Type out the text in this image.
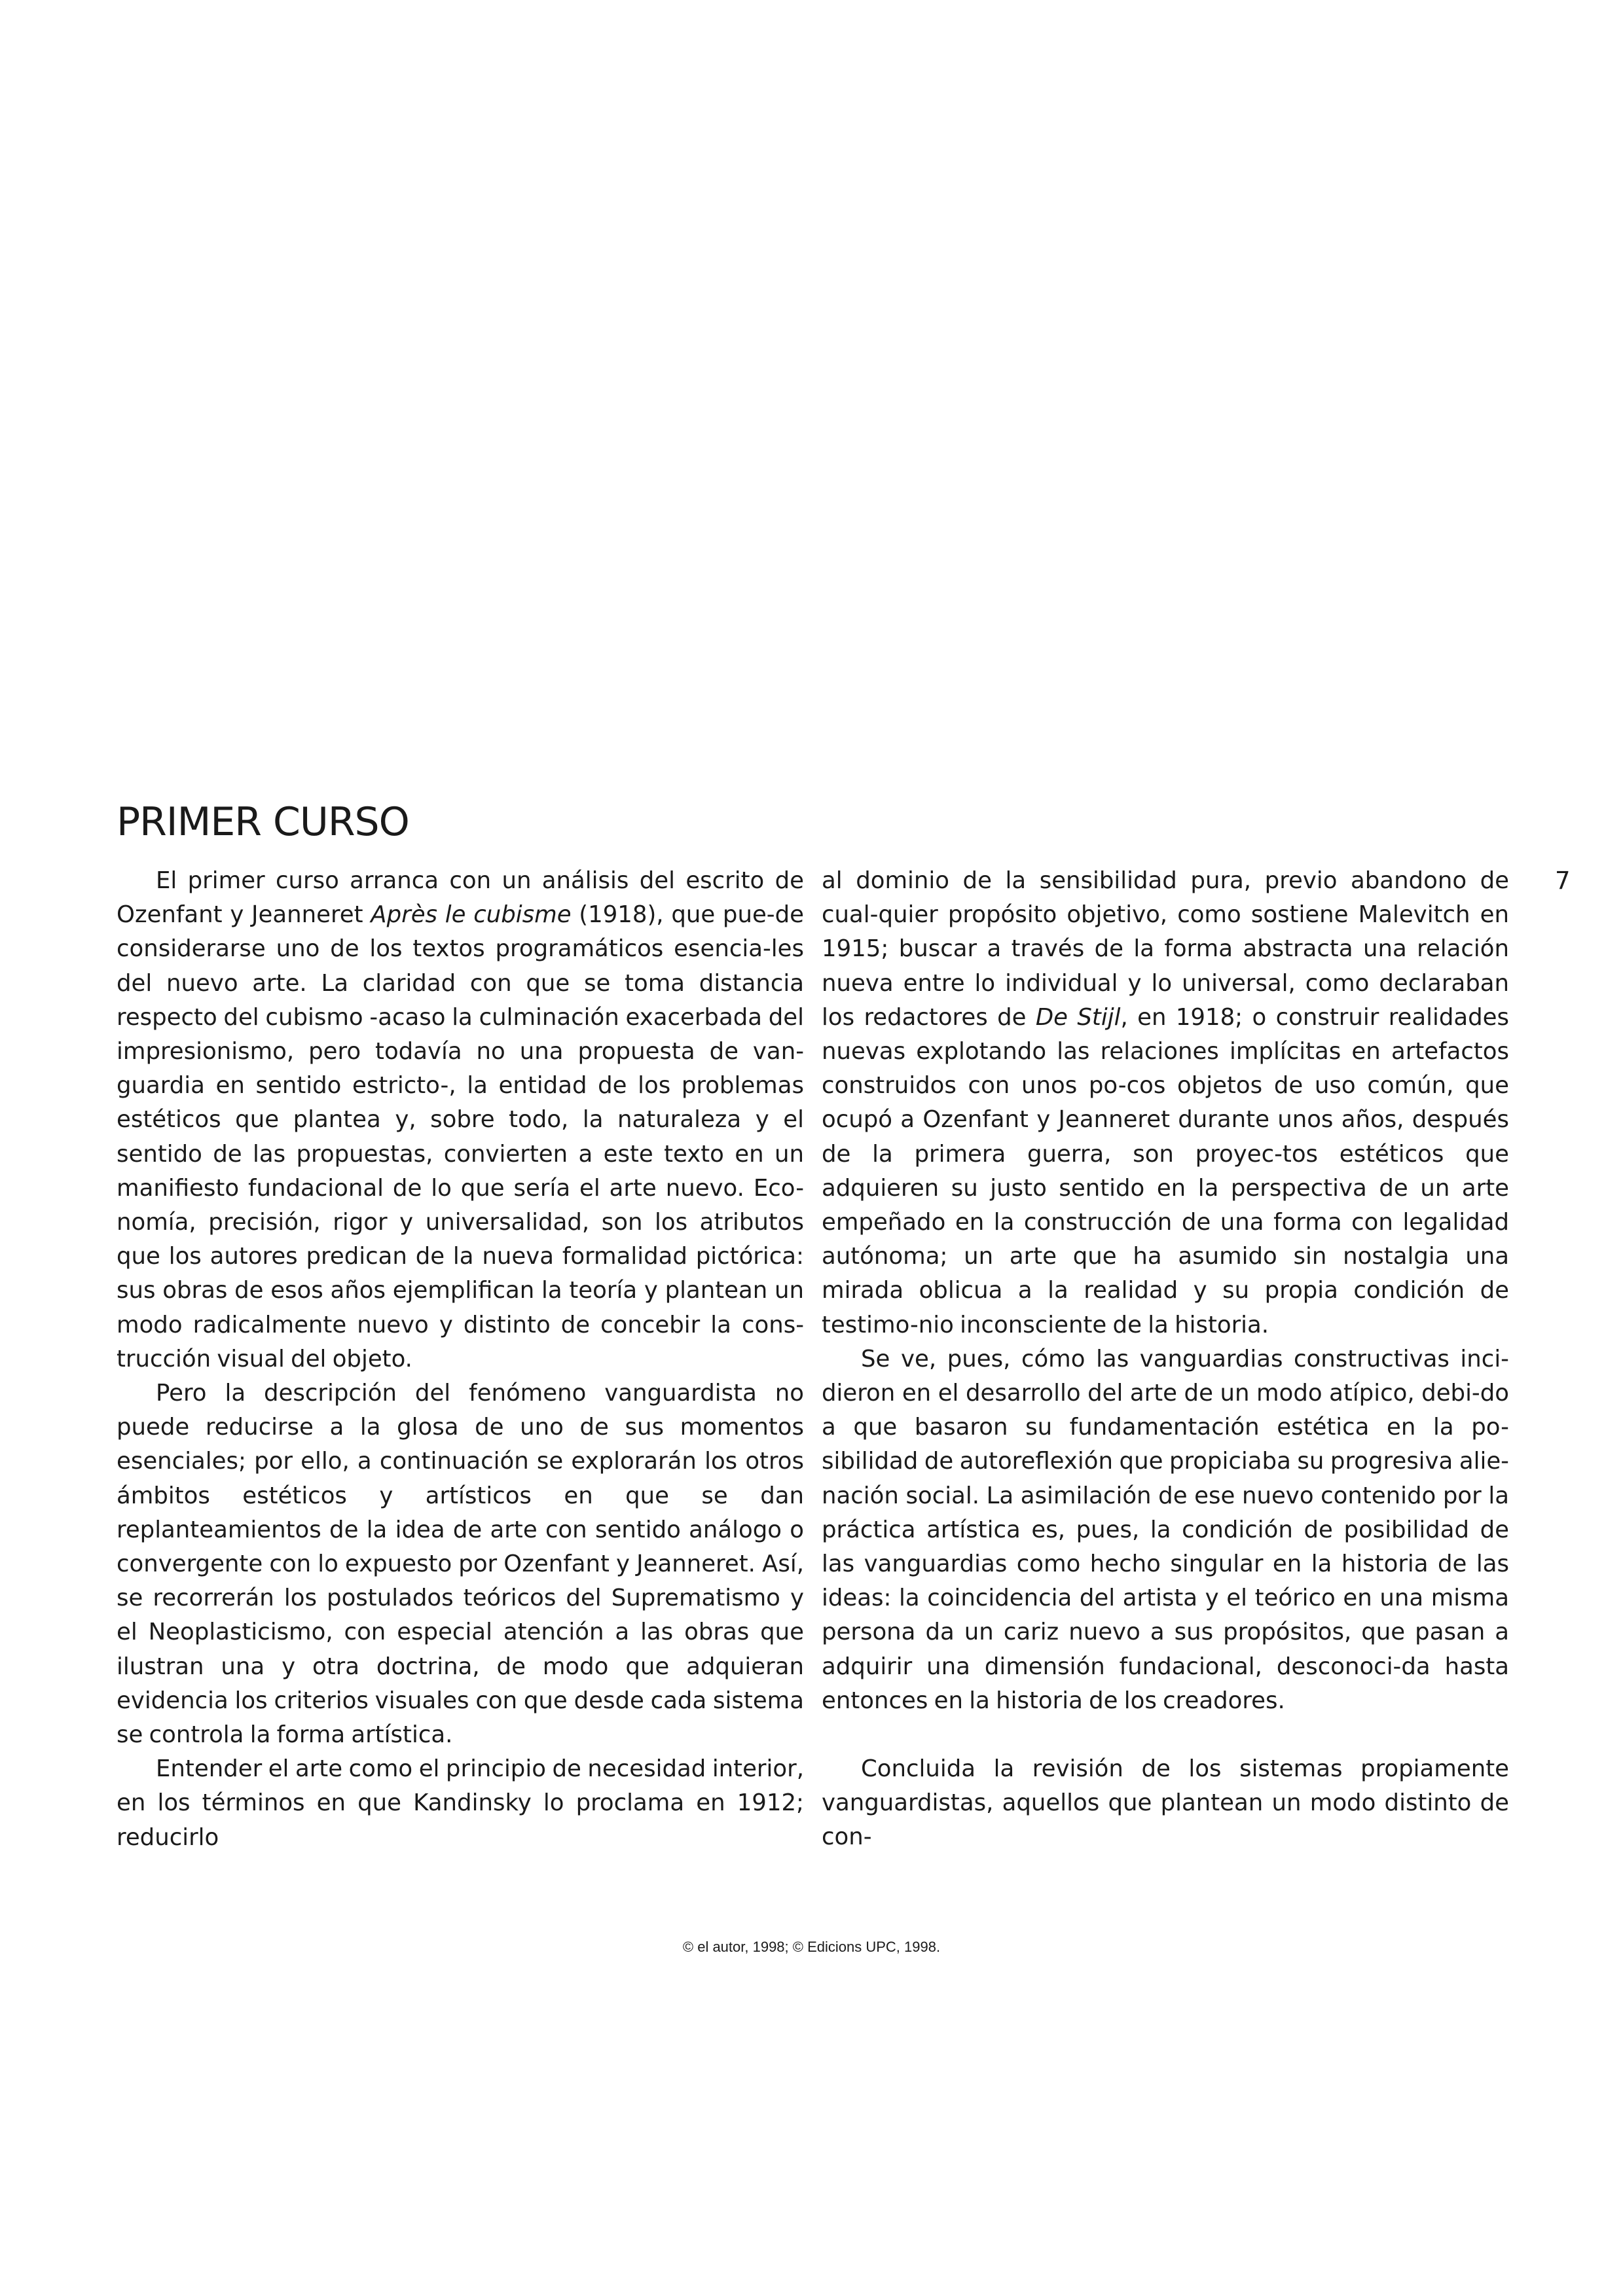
PRIMER CURSO
7

El primer curso arranca con un análisis del escrito de Ozenfant y Jeanneret Après le cubisme (1918), que pue-de considerarse uno de los textos programáticos esencia-les del nuevo arte. La claridad con que se toma distancia respecto del cubismo -acaso la culminación exacerbada del impresionismo, pero todavía no una propuesta de van-guardia en sentido estricto-, la entidad de los problemas estéticos que plantea y, sobre todo, la naturaleza y el sentido de las propuestas, convierten a este texto en un manifiesto fundacional de lo que sería el arte nuevo. Eco-nomía, precisión, rigor y universalidad, son los atributos que los autores predican de la nueva formalidad pictórica: sus obras de esos años ejemplifican la teoría y plantean un modo radicalmente nuevo y distinto de concebir la cons-trucción visual del objeto.

Pero la descripción del fenómeno vanguardista no puede reducirse a la glosa de uno de sus momentos esenciales; por ello, a continuación se explorarán los otros ámbitos estéticos y artísticos en que se dan replanteamientos de la idea de arte con sentido análogo o convergente con lo expuesto por Ozenfant y Jeanneret. Así, se recorrerán los postulados teóricos del Suprematismo y el Neoplasticismo, con especial atención a las obras que ilustran una y otra doctrina, de modo que adquieran evidencia los criterios visuales con que desde cada sistema se controla la forma artística.

Entender el arte como el principio de necesidad interior, en los términos en que Kandinsky lo proclama en 1912; reducirlo

al dominio de la sensibilidad pura, previo abandono de cual-quier propósito objetivo, como sostiene Malevitch en 1915; buscar a través de la forma abstracta una relación nueva entre lo individual y lo universal, como declaraban los redactores de De Stijl, en 1918; o construir realidades nuevas explotando las relaciones implícitas en artefactos construidos con unos po-cos objetos de uso común, que ocupó a Ozenfant y Jeanneret durante unos años, después de la primera guerra, son proyec-tos estéticos que adquieren su justo sentido en la perspectiva de un arte empeñado en la construcción de una forma con legalidad autónoma; un arte que ha asumido sin nostalgia una mirada oblicua a la realidad y su propia condición de testimo-nio inconsciente de la historia.

Se ve, pues, cómo las vanguardias constructivas inci-dieron en el desarrollo del arte de un modo atípico, debi-do a que basaron su fundamentación estética en la po-sibilidad de autoreflexión que propiciaba su progresiva alie-nación social. La asimilación de ese nuevo contenido por la práctica artística es, pues, la condición de posibilidad de las vanguardias como hecho singular en la historia de las ideas: la coincidencia del artista y el teórico en una misma persona da un cariz nuevo a sus propósitos, que pasan a adquirir una dimensión fundacional, desconoci-da hasta entonces en la historia de los creadores.

Concluida la revisión de los sistemas propiamente vanguardistas, aquellos que plantean un modo distinto de con-

© el autor, 1998; © Edicions UPC, 1998.
